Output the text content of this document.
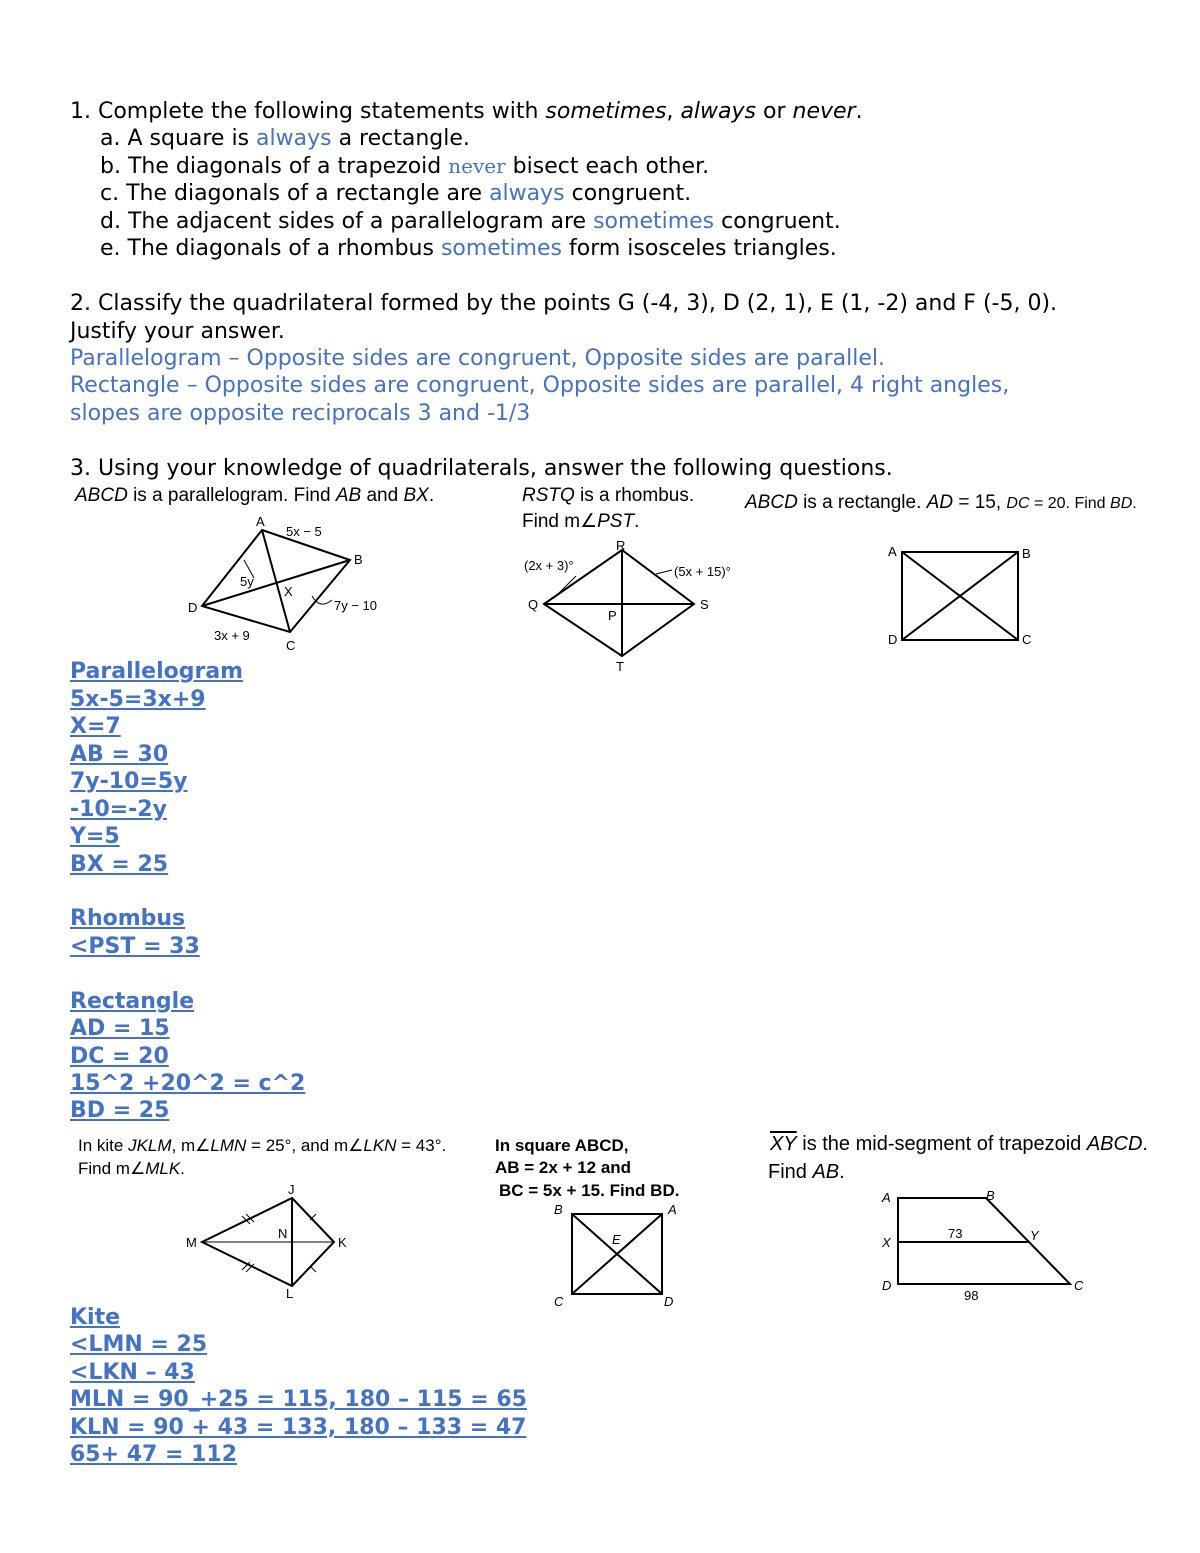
1. Complete the following statements with sometimes, always or never.
a. A square is always a rectangle.
b. The diagonals of a trapezoid never bisect each other.
c. The diagonals of a rectangle are always congruent.
d. The adjacent sides of a parallelogram are sometimes congruent.
e. The diagonals of a rhombus sometimes form isosceles triangles.
2. Classify the quadrilateral formed by the points G (-4, 3), D (2, 1), E (1, -2) and F (-5, 0).
Justify your answer.
Parallelogram – Opposite sides are congruent, Opposite sides are parallel.
Rectangle – Opposite sides are congruent, Opposite sides are parallel, 4 right angles,
slopes are opposite reciprocals 3 and -1/3
3. Using your knowledge of quadrilaterals, answer the following questions.
ABCD is a parallelogram. Find AB and BX.
A
B
C
D
X
5x − 5
5y
7y − 10
3x + 9
RSTQ is a rhombus.
Find m∠PST.
R
S
T
Q
P
(2x + 3)°	(5x + 15)°
ABCD is a rectangle. AD = 15, DC = 20. Find BD.
A	B
C
D
Parallelogram
5x-5=3x+9
X=7
AB = 30
7y-10=5y
-10=-2y
Y=5
BX = 25
Rhombus
<PST = 33
Rectangle
AD = 15
DC = 20
15^2 +20^2 = c^2
BD = 25
In kite JKLM, m∠LMN = 25°, and m∠LKN = 43°.
Find m∠MLK.
J
K
L
M
N
In square ABCD,
AB = 2x + 12 and
BC = 5x + 15. Find BD.
B	A
C	D
E
$\overline{XY}$ is the mid-segment of trapezoid ABCD.
Find AB.
A	B
C
D
X	Y
73
98
Kite
<LMN = 25
<LKN – 43
MLN = 90_+25 = 115, 180 – 115 = 65
KLN = 90 + 43 = 133, 180 – 133 = 47
65+ 47 = 112
